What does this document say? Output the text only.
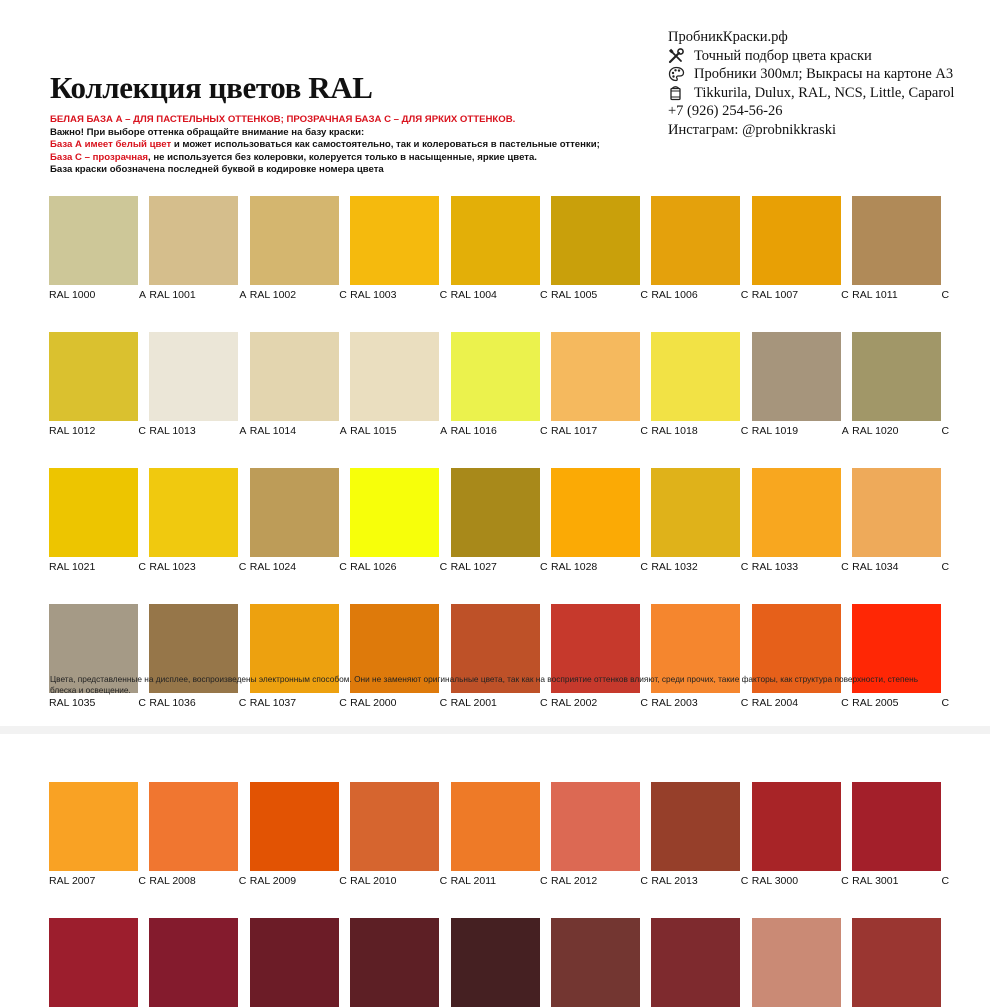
ПробникКраски.рф
Точный подбор цвета краски
Пробники 300мл; Выкрасы на картоне А3
Tikkurila, Dulux, RAL, NCS, Little, Caparol
+7 (926) 254-56-26
Инстаграм: @probnikkraski
Коллекция цветов RAL
БЕЛАЯ БАЗА А – ДЛЯ ПАСТЕЛЬНЫХ ОТТЕНКОВ; ПРОЗРАЧНАЯ БАЗА С – ДЛЯ ЯРКИХ ОТТЕНКОВ.
Важно! При выборе оттенка обращайте внимание на базу краски:
База А имеет белый цвет и может использоваться как самостоятельно, так и колероваться в пастельные оттенки;
База С – прозрачная, не используется без колеровки, колеруется только в насыщенные, яркие цвета.
База краски обозначена последней буквой в кодировке номера цвета
RAL 1000	A RAL 1001	A RAL 1002	C RAL 1003	C RAL 1004	C RAL 1005	C RAL 1006	C RAL 1007	C RAL 1011	C
RAL 1012	C RAL 1013	A RAL 1014	A RAL 1015	A RAL 1016	C RAL 1017	C RAL 1018	C RAL 1019	A RAL 1020	C
RAL 1021	C RAL 1023	C RAL 1024	C RAL 1026	C RAL 1027	C RAL 1028	C RAL 1032	C RAL 1033	C RAL 1034	C
RAL 1035	C RAL 1036	C RAL 1037	C RAL 2000	C RAL 2001	C RAL 2002	C RAL 2003	C RAL 2004	C RAL 2005	C
Цвета, представленные на дисплее, воспроизведены электронным способом. Они не заменяют оригинальные цвета, так как на восприятие оттенков влияют, среди прочих, такие факторы, как структура поверхности, степень блеска и освещение.
RAL 2007	C RAL 2008	C RAL 2009	C RAL 2010	C RAL 2011	C RAL 2012	C RAL 2013	C RAL 3000	C RAL 3001	C
